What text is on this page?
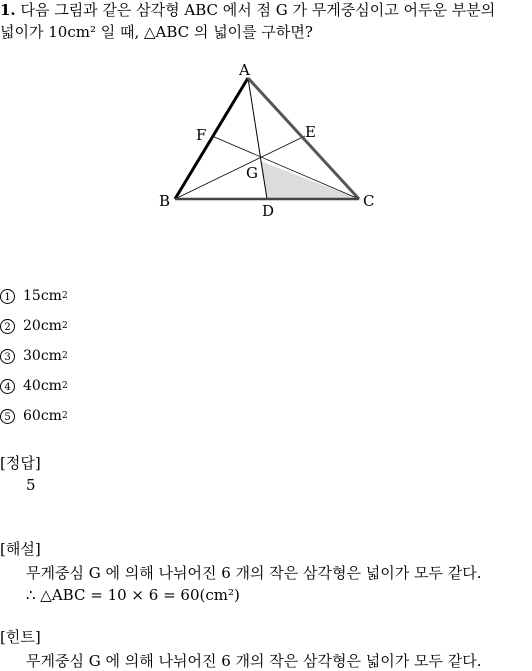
1. 다음 그림과 같은 삼각형 ABC 에서 점 G 가 무게중심이고 어두운 부분의
넓이가 10cm² 일 때, △ABC 의 넓이를 구하면?
A
B	C
D
E
F
G
1 15 cm 2
2 20 cm 2
3 30 cm 2
4 40 cm 2
5 60 cm 2
[정답]
5
[해설]
무게중심 G 에 의해 나뉘어진 6 개의 작은 삼각형은 넓이가 모두 같다.
∴ △ABC = 10 × 6 = 60(cm²)
[힌트]
무게중심 G 에 의해 나뉘어진 6 개의 작은 삼각형은 넓이가 모두 같다.
